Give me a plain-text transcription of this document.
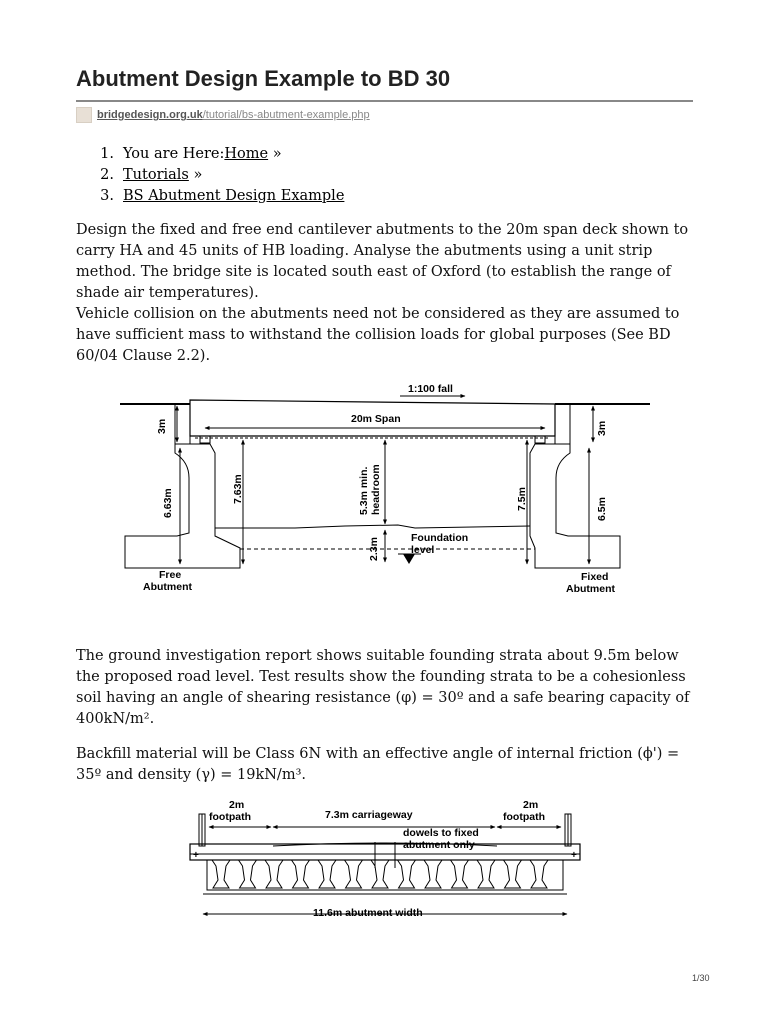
Abutment Design Example to BD 30
bridgedesign.org.uk /tutorial/bs-abutment-example.php
1. You are Here: Home »
2. Tutorials »
3. BS Abutment Design Example

Design the fixed and free end cantilever abutments to the 20m span deck shown to carry HA and 45 units of HB loading. Analyse the abutments using a unit strip method. The bridge site is located south east of Oxford (to establish the range of shade air temperatures).

Vehicle collision on the abutments need not be considered as they are assumed to have sufficient mass to withstand the collision loads for global purposes (See BD 60/04 Clause 2.2).

1:100 fall
20m Span
3m
6.63m	7.63m	5.3m min. headroom
2.3m	Foundation
level
7.5m
3m
6.5m
Free
Abutment
Fixed
Abutment

The ground investigation report shows suitable founding strata about 9.5m below the proposed road level. Test results show the founding strata to be a cohesionless soil having an angle of shearing resistance (φ) = 30º and a safe bearing capacity of 400kN/m².

Backfill material will be Class 6N with an effective angle of internal friction (ϕ') = 35º and density (γ) = 19kN/m³.

2m
footpath	7.3m carriageway
2m
footpath
dowels to fixed
abutment only
11.6m abutment width
+	+
1/30
